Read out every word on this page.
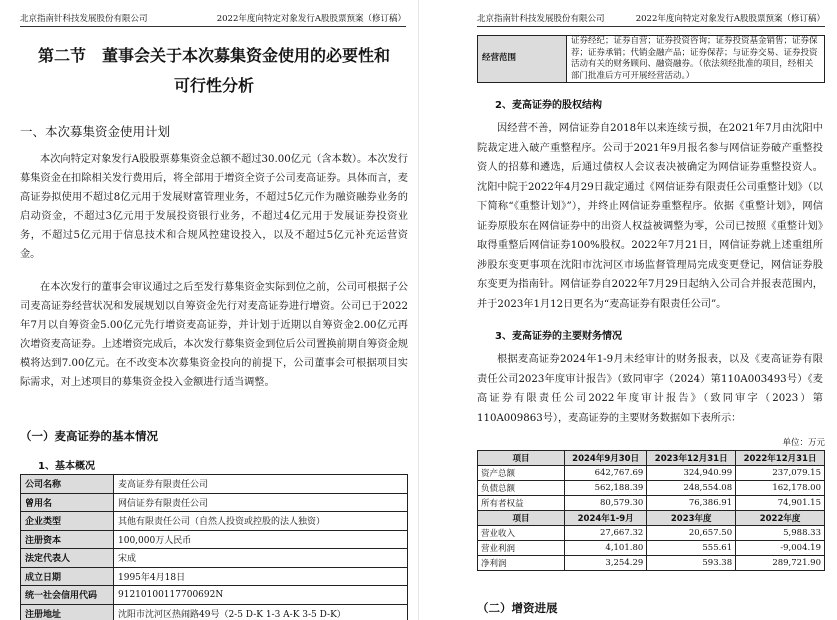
北京指南针科技发展股份有限公司	2022年度向特定对象发行A股股票预案（修订稿）
第二节　董事会关于本次募集资金使用的必要性和
可行性分析
一、本次募集资金使用计划

本次向特定对象发行A股股票募集资金总额不超过30.00亿元（含本数）。本次发行募集资金在扣除相关发行费用后，将全部用于增资全资子公司麦高证券。具体而言，麦高证券拟使用不超过8亿元用于发展财富管理业务，不超过5亿元作为融资融券业务的启动资金，不超过3亿元用于发展投资银行业务，不超过4亿元用于发展证券投资业务，不超过5亿元用于信息技术和合规风控建设投入，以及不超过5亿元补充运营资金。

在本次发行的董事会审议通过之后至发行募集资金实际到位之前，公司可根据子公司麦高证券经营状况和发展规划以自筹资金先行对麦高证券进行增资。公司已于2022年7月以自筹资金5.00亿元先行增资麦高证券，并计划于近期以自筹资金2.00亿元再次增资麦高证券。上述增资完成后，本次发行募集资金到位后公司置换前期自筹资金规模将达到7.00亿元。在不改变本次募集资金投向的前提下，公司董事会可根据项目实际需求，对上述项目的募集资金投入金额进行适当调整。

（一）麦高证券的基本情况
1、基本概况
公司名称	麦高证券有限责任公司
曾用名	网信证券有限责任公司
企业类型	其他有限责任公司（自然人投资或控股的法人独资）
注册资本	100,000万人民币
法定代表人	宋成
成立日期	1995年4月18日
统一社会信用代码	91210100117700692N
注册地址	沈阳市沈河区热闹路49号（2-5 D-K 1-3 A-K 3-5 D-K）
北京指南针科技发展股份有限公司	2022年度向特定对象发行A股股票预案（修订稿）
经营范围	证券经纪；证券自营；证券投资咨询；证券投资基金销售；证券保荐；证券承销；代销金融产品；证券保荐；与证券交易、证券投资活动有关的财务顾问、融资融券。（依法须经批准的项目，经相关部门批准后方可开展经营活动。）
2、麦高证券的股权结构

因经营不善，网信证券自2018年以来连续亏损，在2021年7月由沈阳中院裁定进入破产重整程序。公司于2021年9月报名参与网信证券破产重整投资人的招募和遴选，后通过债权人会议表决被确定为网信证券重整投资人。沈阳中院于2022年4月29日裁定通过《网信证券有限责任公司重整计划》（以下简称“《重整计划》”），并终止网信证券重整程序。依据《重整计划》，网信证券原股东在网信证券中的出资人权益被调整为零，公司已按照《重整计划》取得重整后网信证券100%股权。2022年7月21日，网信证券就上述重组所涉股东变更事项在沈阳市沈河区市场监督管理局完成变更登记，网信证券股东变更为指南针。网信证券自2022年7月29日起纳入公司合并报表范围内，并于2023年1月12日更名为“麦高证券有限责任公司”。

3、麦高证券的主要财务情况

根据麦高证券2024年1-9月未经审计的财务报表，以及《麦高证券有限责任公司2023年度审计报告》（致同审字（2024）第110A003493号）《麦高证券有限责任公司2022年度审计报告》（致同审字（2023）第110A009863号），麦高证券的主要财务数据如下表所示：

单位：万元
项目	2024年9月30日	2023年12月31日	2022年12月31日
资产总额	642,767.69	324,940.99	237,079.15
负债总额	562,188.39	248,554.08	162,178.00
所有者权益	80,579.30	76,386.91	74,901.15
项目	2024年1-9月	2023年度	2022年度
营业收入	27,667.32	20,657.50	5,988.33
营业利润	4,101.80	555.61	-9,004.19
净利润	3,254.29	593.38	289,721.90
（二）增资进展
